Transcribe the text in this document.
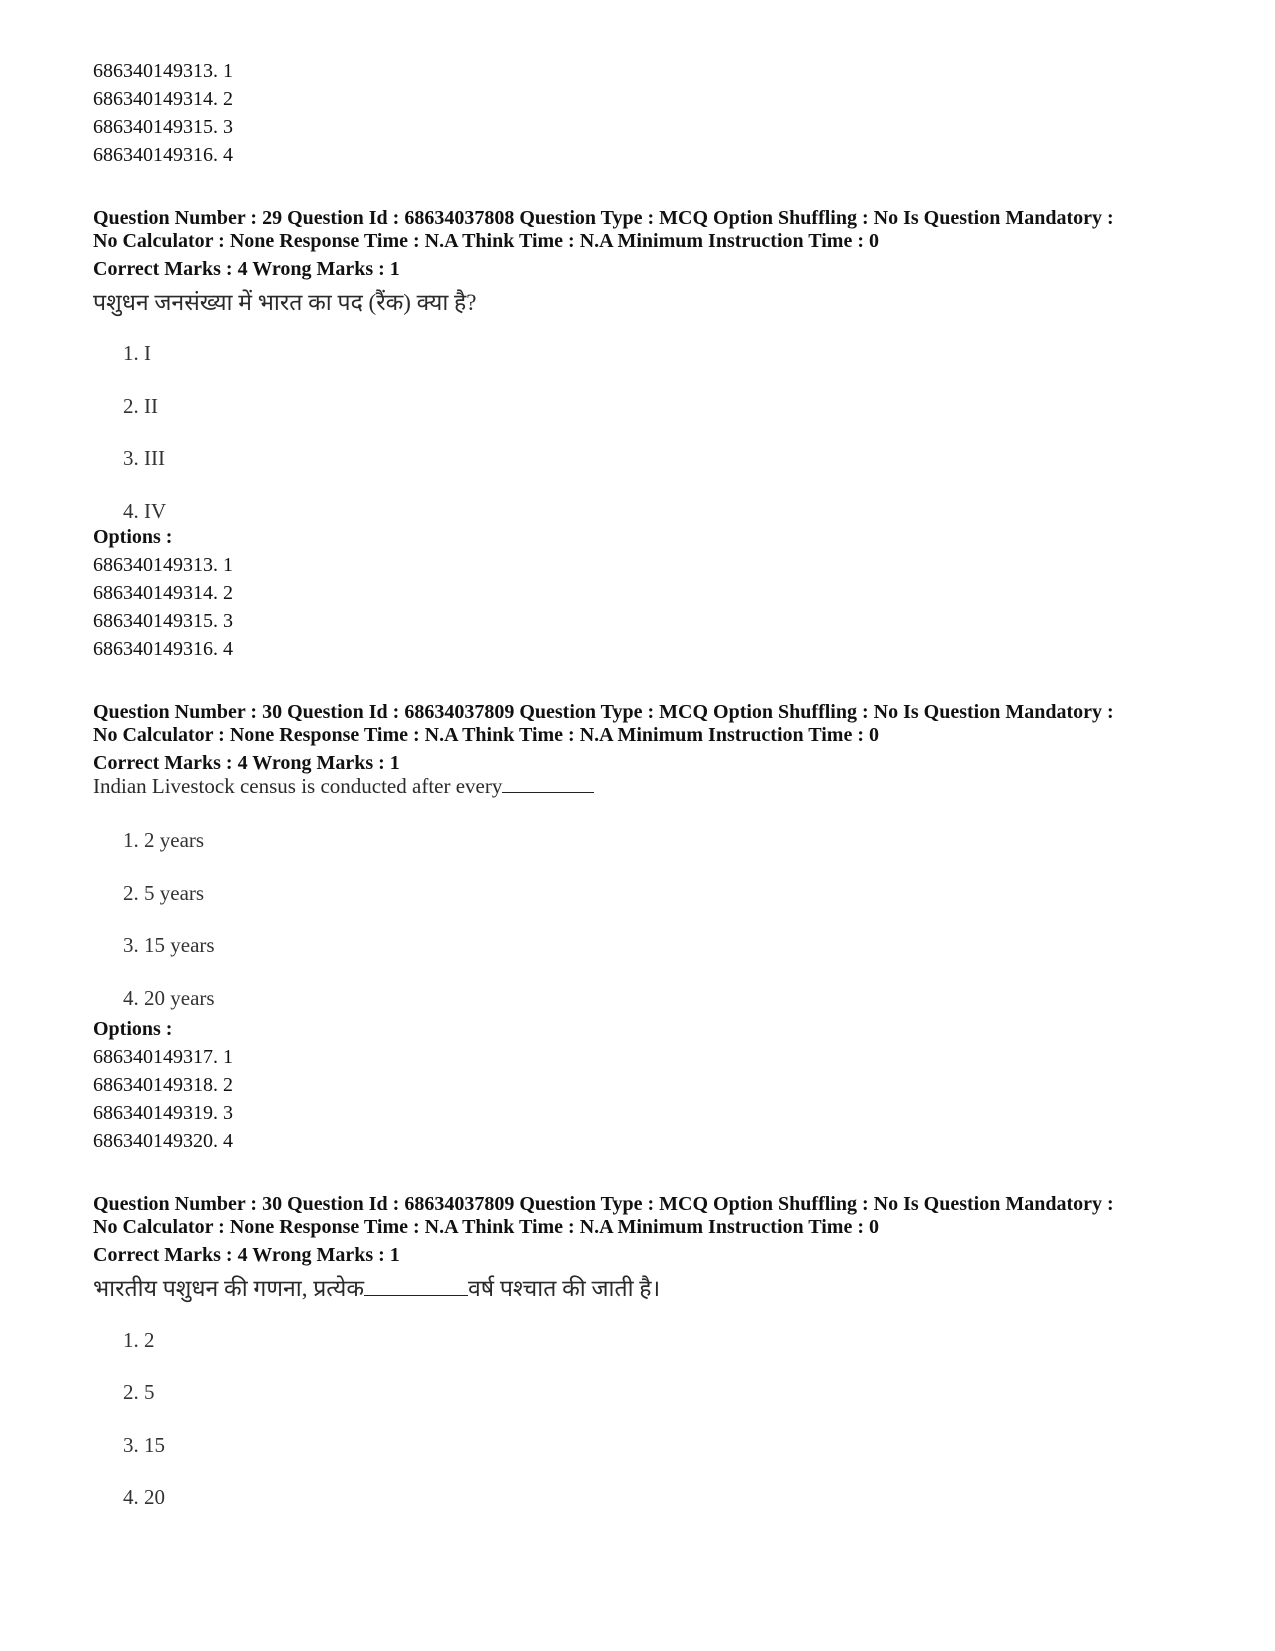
686340149313. 1
686340149314. 2
686340149315. 3
686340149316. 4
Question Number : 29 Question Id : 68634037808 Question Type : MCQ Option Shuffling : No Is Question Mandatory :
No Calculator : None Response Time : N.A Think Time : N.A Minimum Instruction Time : 0
Correct Marks : 4 Wrong Marks : 1
पशुधन जनसंख्या में भारत का पद (रैंक) क्या है?
1. I
2. II
3. III
4. IV
Options :
686340149313. 1
686340149314. 2
686340149315. 3
686340149316. 4
Question Number : 30 Question Id : 68634037809 Question Type : MCQ Option Shuffling : No Is Question Mandatory :
No Calculator : None Response Time : N.A Think Time : N.A Minimum Instruction Time : 0
Correct Marks : 4 Wrong Marks : 1
Indian Livestock census is conducted after every
1. 2 years
2. 5 years
3. 15 years
4. 20 years
Options :
686340149317. 1
686340149318. 2
686340149319. 3
686340149320. 4
Question Number : 30 Question Id : 68634037809 Question Type : MCQ Option Shuffling : No Is Question Mandatory :
No Calculator : None Response Time : N.A Think Time : N.A Minimum Instruction Time : 0
Correct Marks : 4 Wrong Marks : 1
भारतीय पशुधन की गणना, प्रत्येक	वर्ष पश्चात की जाती है।
1. 2
2. 5
3. 15
4. 20
